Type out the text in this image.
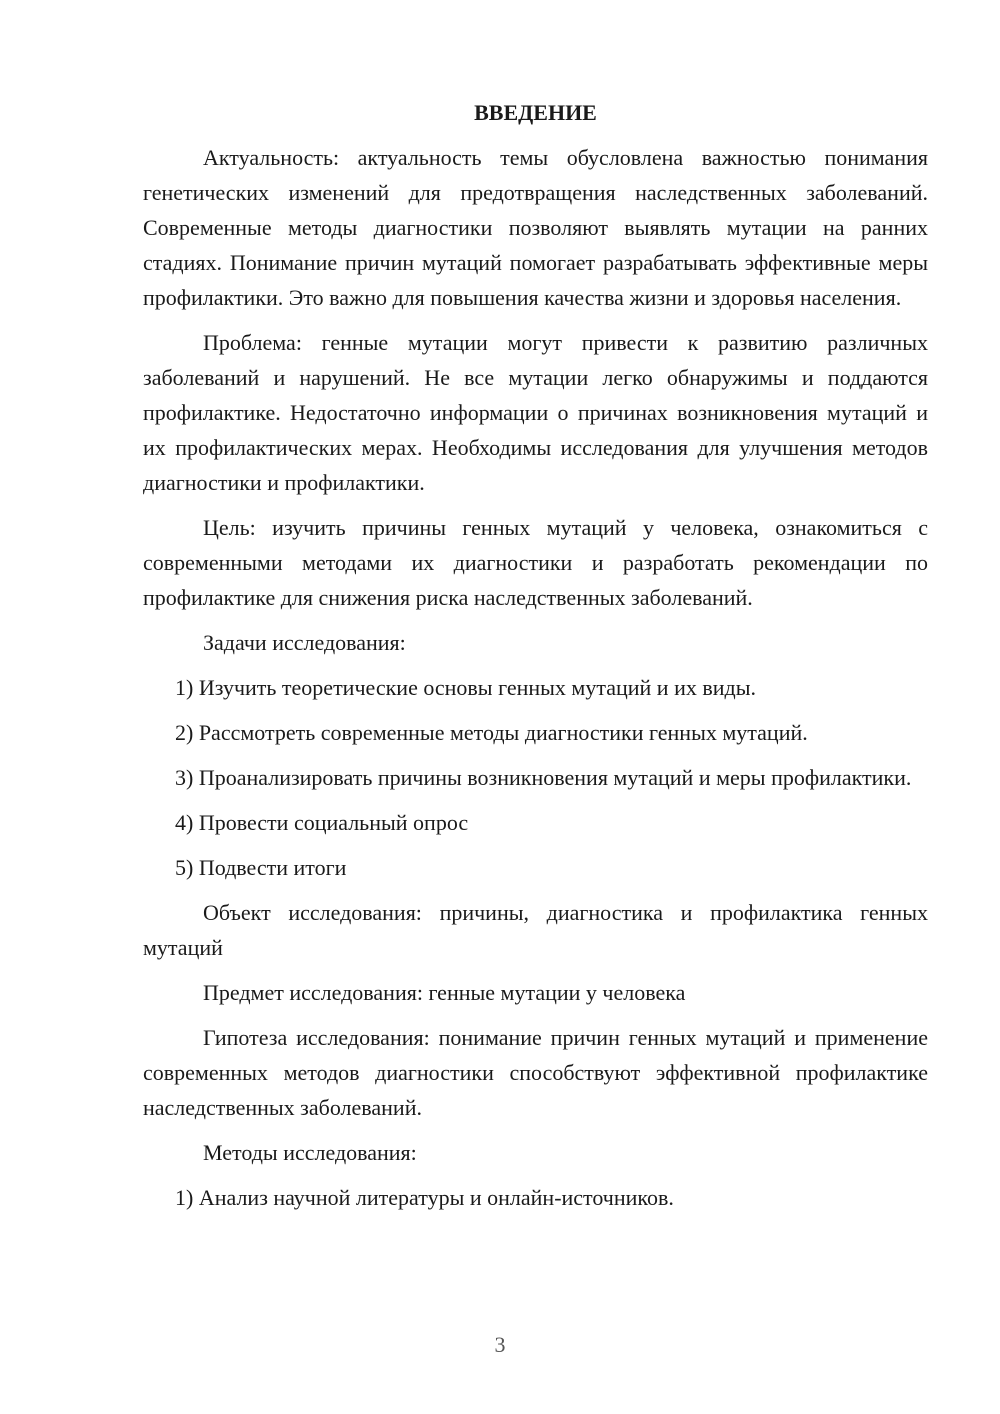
ВВЕДЕНИЕ

Актуальность: актуальность темы обусловлена важностью понимания генетических изменений для предотвращения наследственных заболеваний. Современные методы диагностики позволяют выявлять мутации на ранних стадиях. Понимание причин мутаций помогает разрабатывать эффективные меры профилактики. Это важно для повышения качества жизни и здоровья населения.

Проблема: генные мутации могут привести к развитию различных заболеваний и нарушений. Не все мутации легко обнаружимы и поддаются профилактике. Недостаточно информации о причинах возникновения мутаций и их профилактических мерах. Необходимы исследования для улучшения методов диагностики и профилактики.

Цель: изучить причины генных мутаций у человека, ознакомиться с современными методами их диагностики и разработать рекомендации по профилактике для снижения риска наследственных заболеваний.

Задачи исследования:

1) Изучить теоретические основы генных мутаций и их виды.

2) Рассмотреть современные методы диагностики генных мутаций.

3) Проанализировать причины возникновения мутаций и меры профилактики.

4) Провести социальный опрос

5) Подвести итоги

Объект исследования: причины, диагностика и профилактика генных мутаций

Предмет исследования: генные мутации у человека

Гипотеза исследования: понимание причин генных мутаций и применение современных методов диагностики способствуют эффективной профилактике наследственных заболеваний.

Методы исследования:

1) Анализ научной литературы и онлайн-источников.

3
